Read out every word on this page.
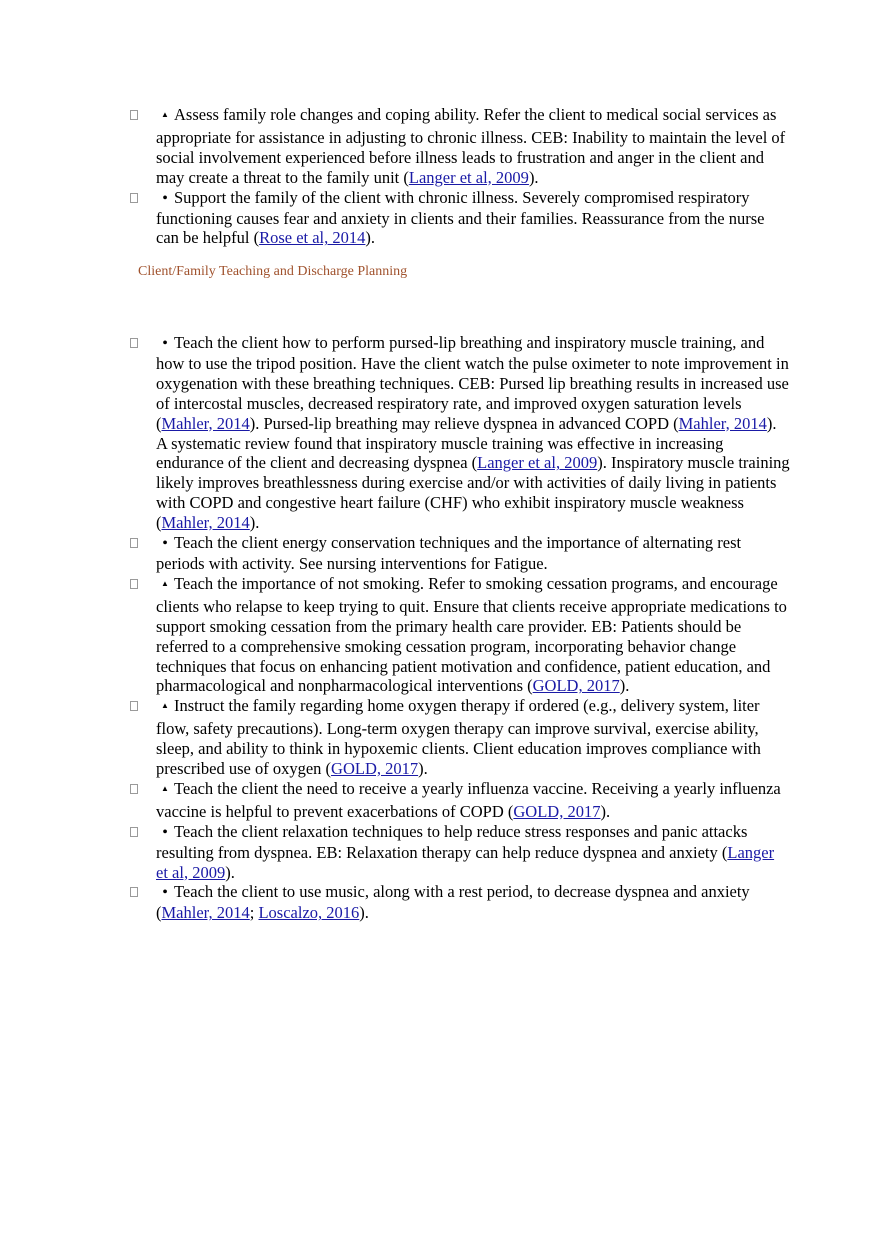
▲ Assess family role changes and coping ability. Refer the client to medical social services as appropriate for assistance in adjusting to chronic illness. CEB: Inability to maintain the level of social involvement experienced before illness leads to frustration and anger in the client and may create a threat to the family unit (Langer et al, 2009).

• Support the family of the client with chronic illness. Severely compromised respiratory functioning causes fear and anxiety in clients and their families. Reassurance from the nurse can be helpful (Rose et al, 2014).

Client/Family Teaching and Discharge Planning

• Teach the client how to perform pursed-lip breathing and inspiratory muscle training, and how to use the tripod position. Have the client watch the pulse oximeter to note improvement in oxygenation with these breathing techniques. CEB: Pursed lip breathing results in increased use of intercostal muscles, decreased respiratory rate, and improved oxygen saturation levels (Mahler, 2014). Pursed-lip breathing may relieve dyspnea in advanced COPD (Mahler, 2014). A systematic review found that inspiratory muscle training was effective in increasing endurance of the client and decreasing dyspnea (Langer et al, 2009). Inspiratory muscle training likely improves breathlessness during exercise and/or with activities of daily living in patients with COPD and congestive heart failure (CHF) who exhibit inspiratory muscle weakness (Mahler, 2014).

• Teach the client energy conservation techniques and the importance of alternating rest periods with activity. See nursing interventions for Fatigue.

▲ Teach the importance of not smoking. Refer to smoking cessation programs, and encourage clients who relapse to keep trying to quit. Ensure that clients receive appropriate medications to support smoking cessation from the primary health care provider. EB: Patients should be referred to a comprehensive smoking cessation program, incorporating behavior change techniques that focus on enhancing patient motivation and confidence, patient education, and pharmacological and nonpharmacological interventions (GOLD, 2017).

▲ Instruct the family regarding home oxygen therapy if ordered (e.g., delivery system, liter flow, safety precautions). Long-term oxygen therapy can improve survival, exercise ability, sleep, and ability to think in hypoxemic clients. Client education improves compliance with prescribed use of oxygen (GOLD, 2017).

▲ Teach the client the need to receive a yearly influenza vaccine. Receiving a yearly influenza vaccine is helpful to prevent exacerbations of COPD (GOLD, 2017).

• Teach the client relaxation techniques to help reduce stress responses and panic attacks resulting from dyspnea. EB: Relaxation therapy can help reduce dyspnea and anxiety (Langer et al, 2009).

• Teach the client to use music, along with a rest period, to decrease dyspnea and anxiety (Mahler, 2014; Loscalzo, 2016).
